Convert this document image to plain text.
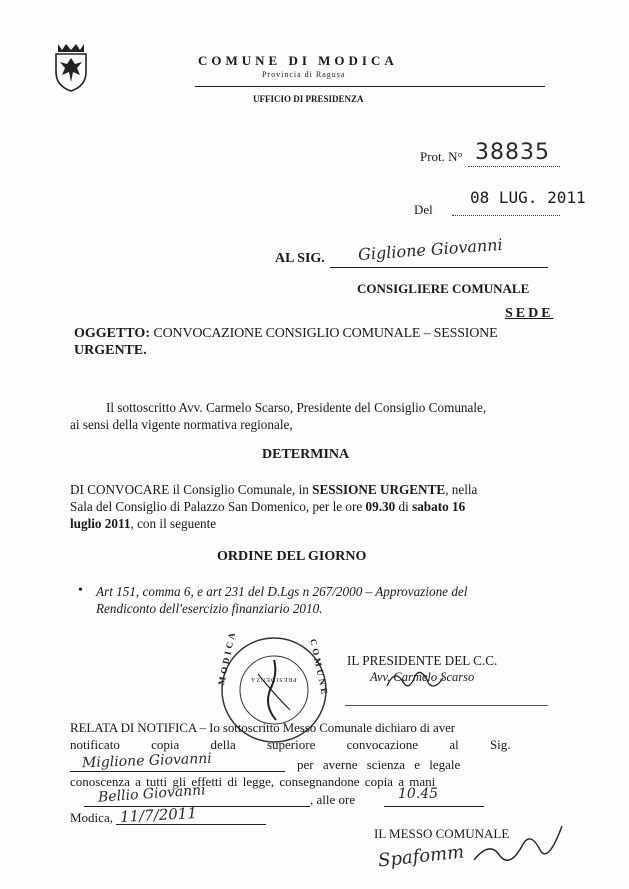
COMUNE DI MODICA
Provincia di Ragusa
UFFICIO DI PRESIDENZA
Prot. N° 38835
Del
08 LUG. 2011
AL SIG. Giglione Giovanni
CONSIGLIERE COMUNALE
SEDE
OGGETTO: CONVOCAZIONE CONSIGLIO COMUNALE – SESSIONE
URGENTE.
Il sottoscritto Avv. Carmelo Scarso, Presidente del Consiglio Comunale,
ai sensi della vigente normativa regionale,
DETERMINA
DI CONVOCARE il Consiglio Comunale, in SESSIONE URGENTE, nella
Sala del Consiglio di Palazzo San Domenico, per le ore 09.30 di sabato 16
luglio 2011, con il seguente
ORDINE DEL GIORNO
• Art 151, comma 6, e art 231 del D.Lgs n 267/2000 – Approvazione del
Rendiconto dell'esercizio finanziario 2010.
MODICA	COMUNE
PRESIDENZA
IL PRESIDENTE DEL C.C.
Avv. Carmelo Scarso
RELATA DI NOTIFICA – Io sottoscritto Messo Comunale dichiaro di aver
notificato copia della superiore convocazione al Sig.
Miglione Giovanni	per averne scienza e legale
conoscenza a tutti gli effetti di legge, consegnandone copia a mani
Bellio Giovanni	, alle ore	10.45
Modica, 11/7/2011
IL MESSO COMUNALE
Spafomm
